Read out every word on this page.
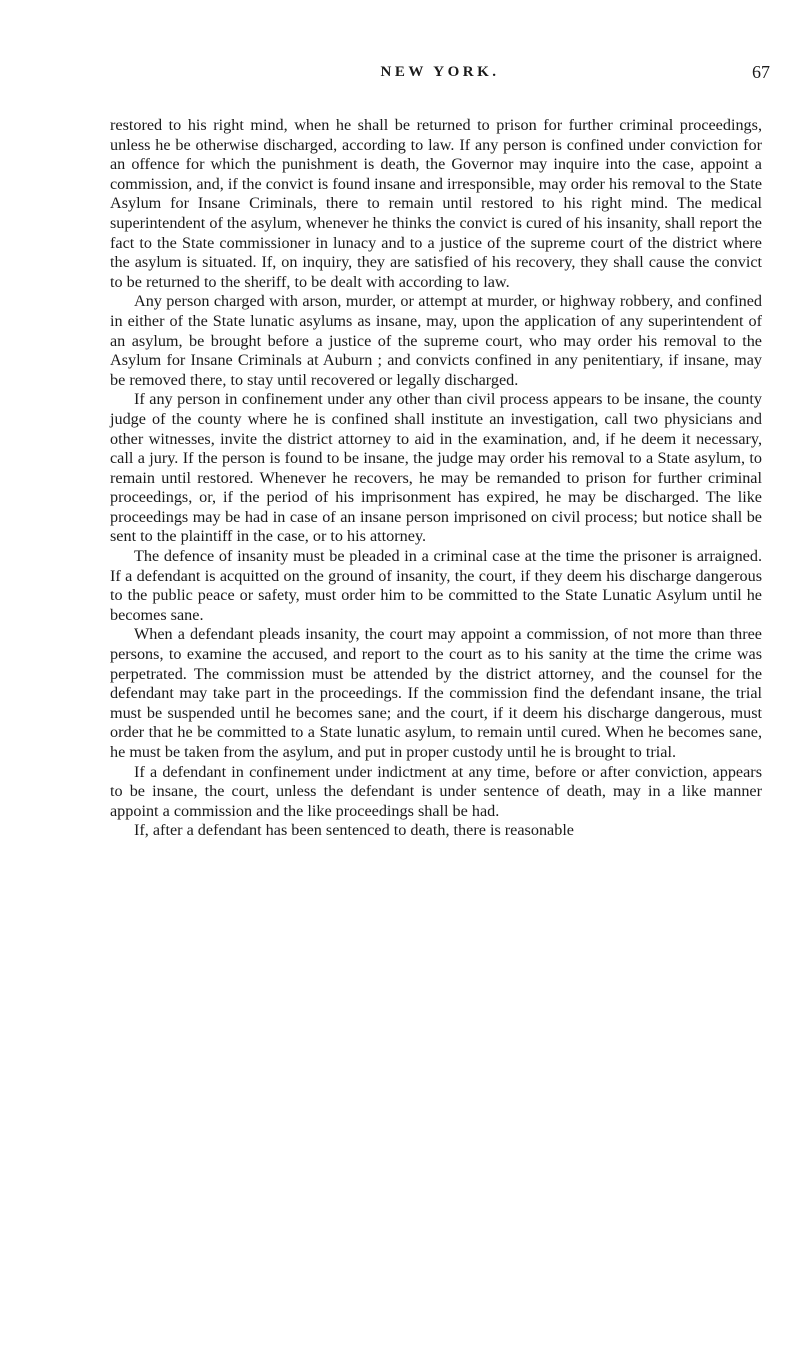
NEW YORK.	67

restored to his right mind, when he shall be returned to prison for further criminal proceedings, unless he be otherwise discharged, according to law. If any person is confined under conviction for an offence for which the punishment is death, the Governor may inquire into the case, appoint a commission, and, if the convict is found insane and irresponsible, may order his removal to the State Asylum for Insane Criminals, there to remain until restored to his right mind. The medical superintendent of the asylum, whenever he thinks the convict is cured of his insanity, shall report the fact to the State commissioner in lunacy and to a justice of the supreme court of the district where the asylum is situated. If, on inquiry, they are satisfied of his recovery, they shall cause the convict to be returned to the sheriff, to be dealt with according to law.

Any person charged with arson, murder, or attempt at murder, or highway robbery, and confined in either of the State lunatic asylums as insane, may, upon the application of any superintendent of an asylum, be brought before a justice of the supreme court, who may order his removal to the Asylum for Insane Criminals at Auburn ; and convicts confined in any penitentiary, if insane, may be removed there, to stay until recovered or legally discharged.

If any person in confinement under any other than civil process appears to be insane, the county judge of the county where he is confined shall institute an investigation, call two physicians and other witnesses, invite the district attorney to aid in the examination, and, if he deem it necessary, call a jury. If the person is found to be insane, the judge may order his removal to a State asylum, to remain until restored. Whenever he recovers, he may be remanded to prison for further criminal proceedings, or, if the period of his imprisonment has expired, he may be discharged. The like proceedings may be had in case of an insane person imprisoned on civil process; but notice shall be sent to the plaintiff in the case, or to his attorney.

The defence of insanity must be pleaded in a criminal case at the time the prisoner is arraigned. If a defendant is acquitted on the ground of insanity, the court, if they deem his discharge dangerous to the public peace or safety, must order him to be committed to the State Lunatic Asylum until he becomes sane.

When a defendant pleads insanity, the court may appoint a commission, of not more than three persons, to examine the accused, and report to the court as to his sanity at the time the crime was perpetrated. The commission must be attended by the district attorney, and the counsel for the defendant may take part in the proceedings. If the commission find the defendant insane, the trial must be suspended until he becomes sane; and the court, if it deem his discharge dangerous, must order that he be committed to a State lunatic asylum, to remain until cured. When he becomes sane, he must be taken from the asylum, and put in proper custody until he is brought to trial.

If a defendant in confinement under indictment at any time, before or after conviction, appears to be insane, the court, unless the defendant is under sentence of death, may in a like manner appoint a commission and the like proceedings shall be had.

If, after a defendant has been sentenced to death, there is reasonable
